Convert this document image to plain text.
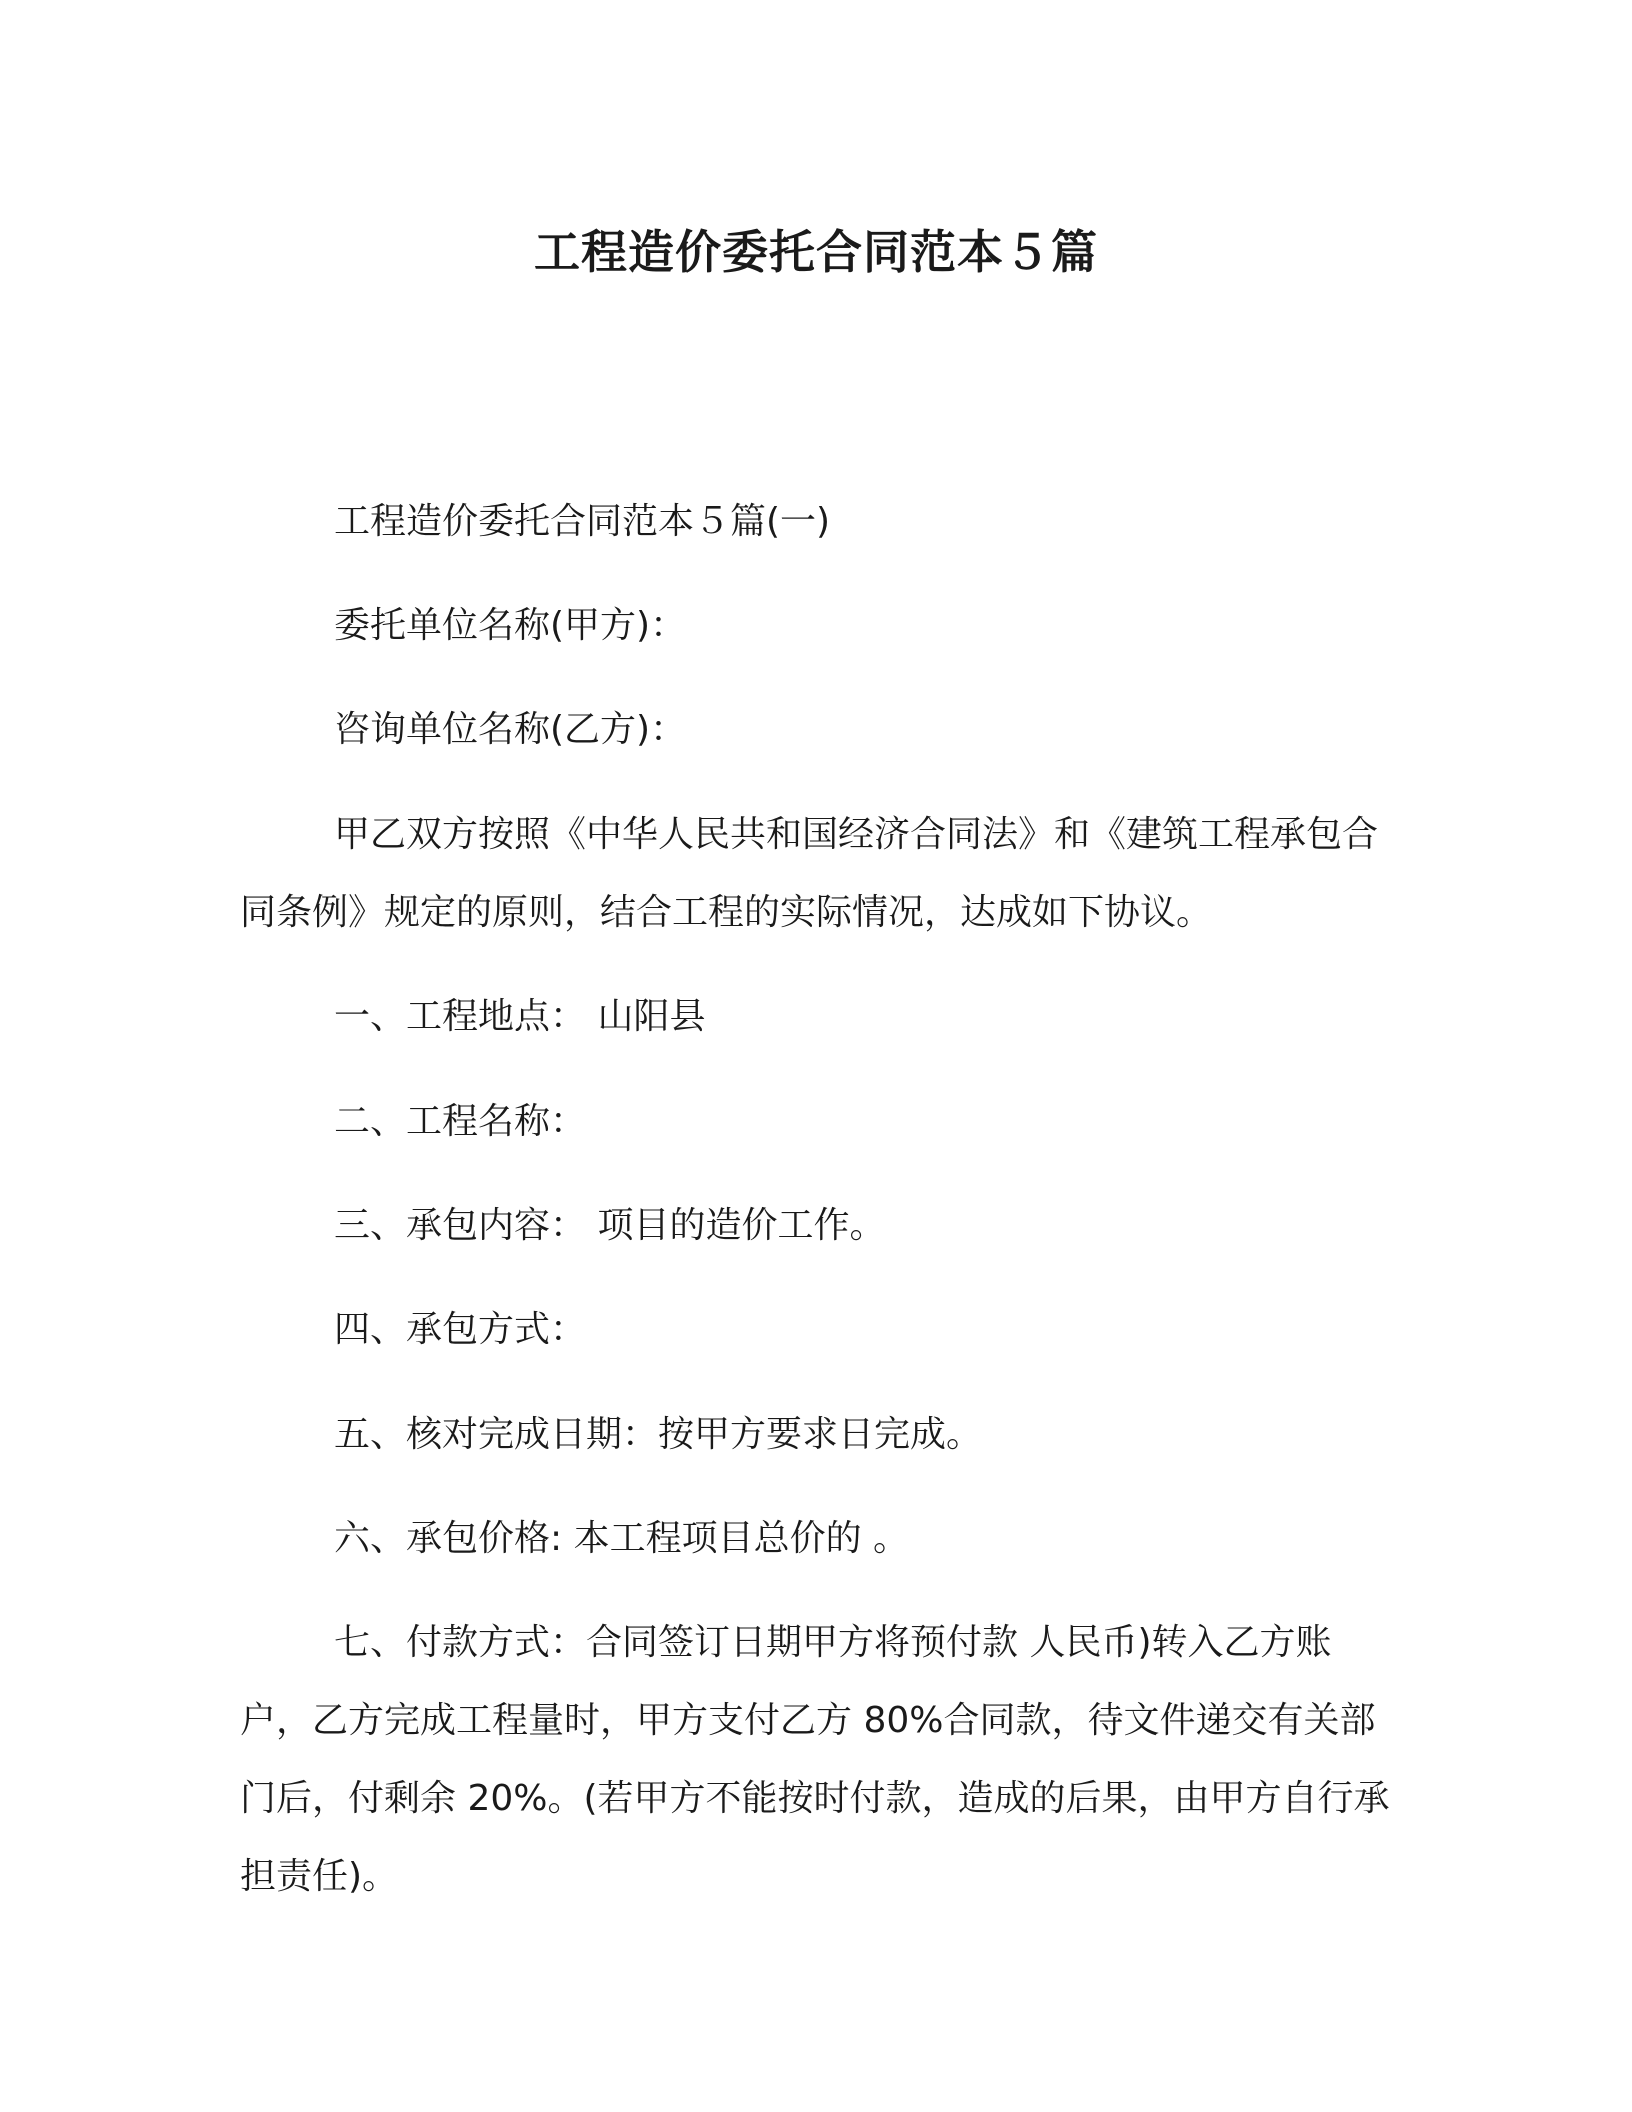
工程造价委托合同范本５篇

工程造价委托合同范本５篇(一)

委托单位名称(甲方)：

咨询单位名称(乙方)：

甲乙双方按照《中华人民共和国经济合同法》和《建筑工程承包合同条例》规定的原则，结合工程的实际情况，达成如下协议。

一、工程地点： 山阳县

二、工程名称：

三、承包内容： 项目的造价工作。

四、承包方式：

五、核对完成日期：按甲方要求日完成。

六、承包价格: 本工程项目总价的 。

七、付款方式：合同签订日期甲方将预付款 人民币)转入乙方账户，乙方完成工程量时，甲方支付乙方 80%合同款，待文件递交有关部门后，付剩余 20%。(若甲方不能按时付款，造成的后果，由甲方自行承担责任)。
